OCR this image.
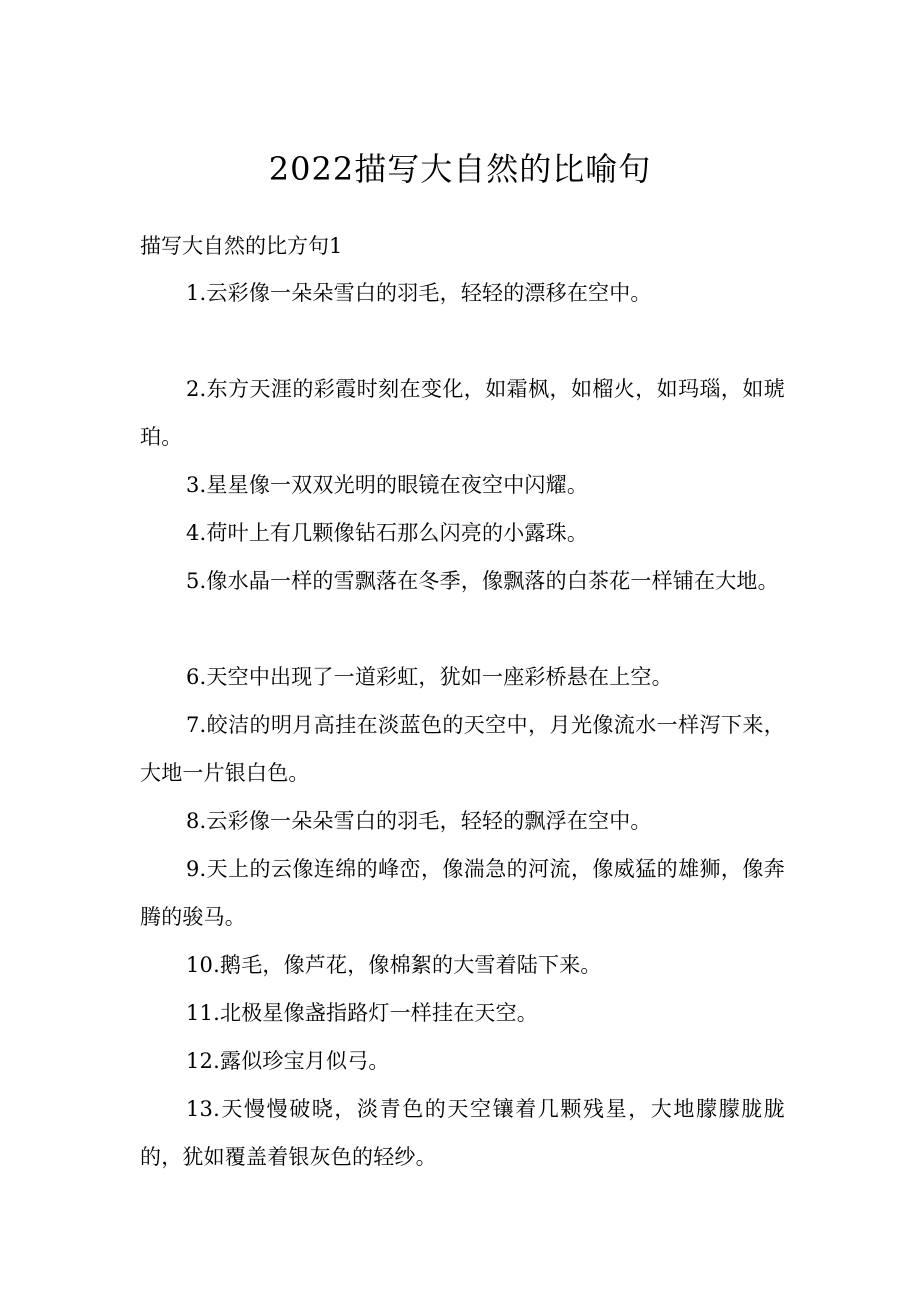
2022描写大自然的比喻句
描写大自然的比方句1
1.云彩像一朵朵雪白的羽毛，轻轻的漂移在空中。
2.东方天涯的彩霞时刻在变化，如霜枫，如榴火，如玛瑙，如琥珀。
3.星星像一双双光明的眼镜在夜空中闪耀。
4.荷叶上有几颗像钻石那么闪亮的小露珠。
5.像水晶一样的雪飘落在冬季，像飘落的白茶花一样铺在大地。
6.天空中出现了一道彩虹，犹如一座彩桥悬在上空。
7.皎洁的明月高挂在淡蓝色的天空中，月光像流水一样泻下来，大地一片银白色。
8.云彩像一朵朵雪白的羽毛，轻轻的飘浮在空中。
9.天上的云像连绵的峰峦，像湍急的河流，像威猛的雄狮，像奔腾的骏马。
10.鹅毛，像芦花，像棉絮的大雪着陆下来。
11.北极星像盏指路灯一样挂在天空。
12.露似珍宝月似弓。
13.天慢慢破晓，淡青色的天空镶着几颗残星，大地朦朦胧胧的，犹如覆盖着银灰色的轻纱。
